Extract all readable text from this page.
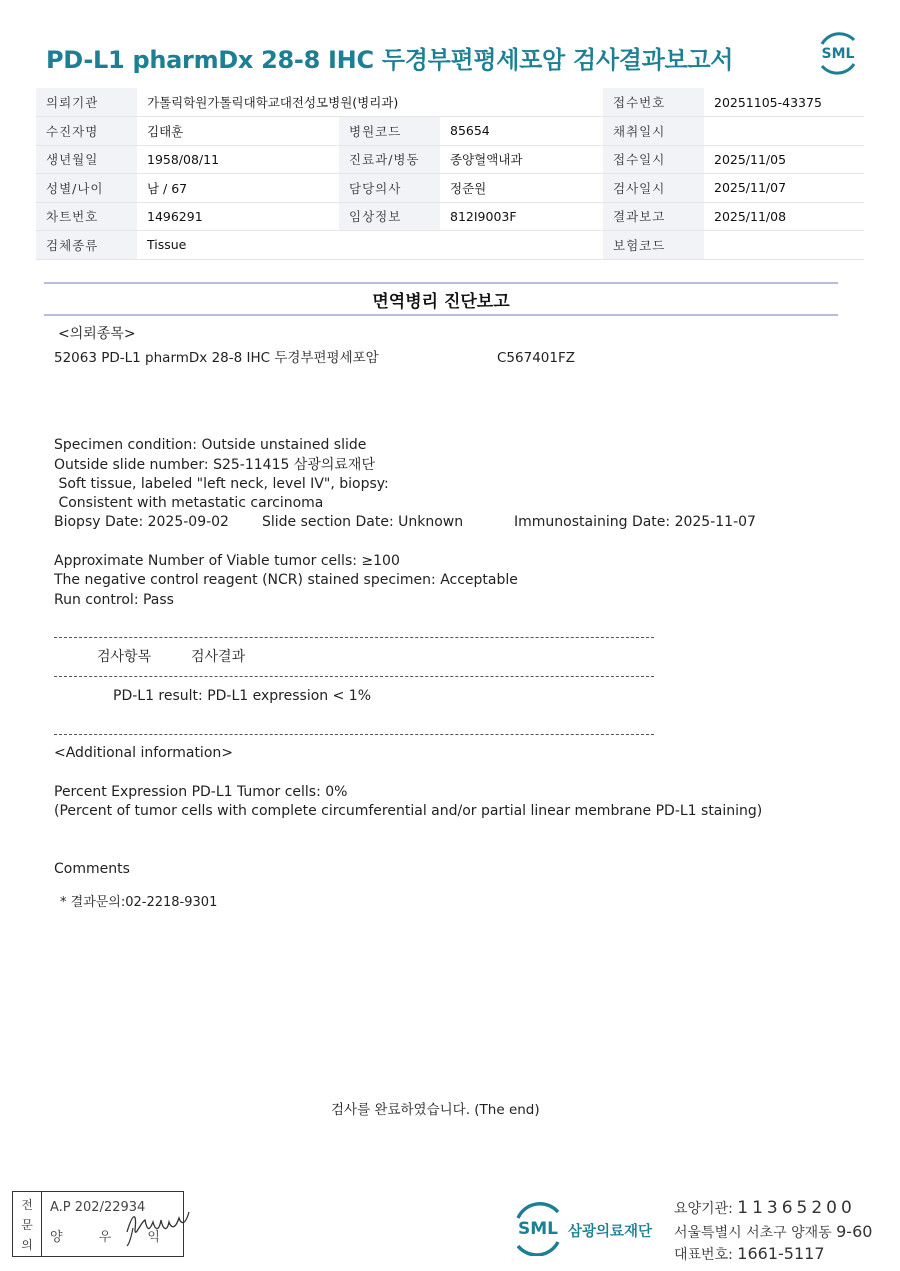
PD-L1 pharmDx 28-8 IHC 두경부편평세포암 검사결과보고서	SML
의뢰기관	가톨릭학원가톨릭대학교대전성모병원(병리과)			접수번호	20251105-43375
수진자명	김태훈	병원코드	85654	채취일시	
생년월일	1958/08/11	진료과/병동	종양혈액내과	접수일시	2025/11/05
성별/나이	남 / 67	담당의사	정준원	검사일시	2025/11/07
차트번호	1496291	임상정보	812I9003F	결과보고	2025/11/08
검체종류	Tissue			보험코드	
면역병리 진단보고
<의뢰종목>
52063 PD-L1 pharmDx 28-8 IHC 두경부편평세포암	C567401FZ
Specimen condition: Outside unstained slide
Outside slide number: S25-11415 삼광의료재단
Soft tissue, labeled "left neck, level IV", biopsy:
Consistent with metastatic carcinoma
Biopsy Date: 2025-09-02 Slide section Date: Unknown	Immunostaining Date: 2025-11-07
Approximate Number of Viable tumor cells: ≥100
The negative control reagent (NCR) stained specimen: Acceptable
Run control: Pass
검사항목	검사결과
PD-L1 result: PD-L1 expression < 1%
<Additional information>
Percent Expression PD-L1 Tumor cells: 0%
(Percent of tumor cells with complete circumferential and/or partial linear membrane PD-L1 staining)
Comments
* 결과문의:02-2218-9301
검사를 완료하였습니다. (The end)
전
문
의
A.P 202/22934
양 우 익	SML 삼광의료재단
요양기관: 11365200
서울특별시 서초구 양재동 9-60
대표번호: 1661-5117
